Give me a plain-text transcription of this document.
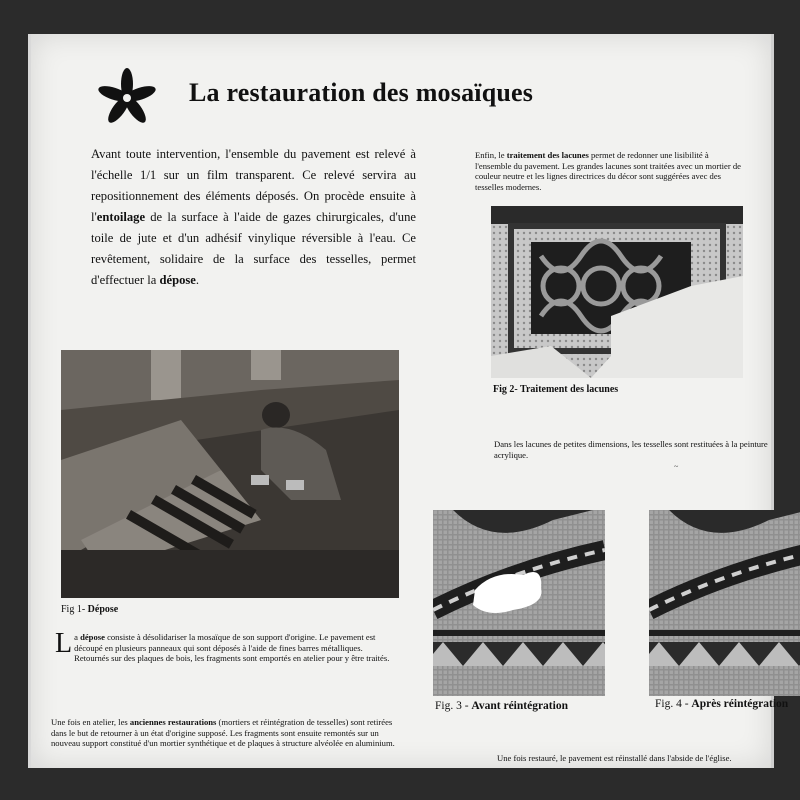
La restauration des mosaïques

Avant toute intervention, l'ensemble du pavement est relevé à l'échelle 1/1 sur un film transparent. Ce relevé servira au repositionnement des éléments déposés. On procède ensuite à l'entoilage de la surface à l'aide de gazes chirurgicales, d'une toile de jute et d'un adhésif vinylique réversible à l'eau. Ce revêtement, solidaire de la surface des tesselles, permet d'effectuer la dépose.

Enfin, le traitement des lacunes permet de redonner une lisibilité à l'ensemble du pavement. Les grandes lacunes sont traitées avec un mortier de couleur neutre et les lignes directrices du décor sont suggérées avec des tesselles modernes.

Fig 2- Traitement des lacunes

Dans les lacunes de petites dimensions, les tesselles sont restituées à la peinture acrylique.

~
Fig 1- Dépose

La dépose consiste à désolidariser la mosaïque de son support d'origine. Le pavement est découpé en plusieurs panneaux qui sont déposés à l'aide de fines barres métalliques. Retournés sur des plaques de bois, les fragments sont emportés en atelier pour y être traités.

Une fois en atelier, les anciennes restaurations (mortiers et réintégration de tesselles) sont retirées dans le but de retourner à un état d'origine supposé. Les fragments sont ensuite remontés sur un nouveau support constitué d'un mortier synthétique et de plaques à structure alvéolée en aluminium.

Fig. 3 - Avant réintégration	Fig. 4 - Après réintégration

Une fois restauré, le pavement est réinstallé dans l'abside de l'église.
